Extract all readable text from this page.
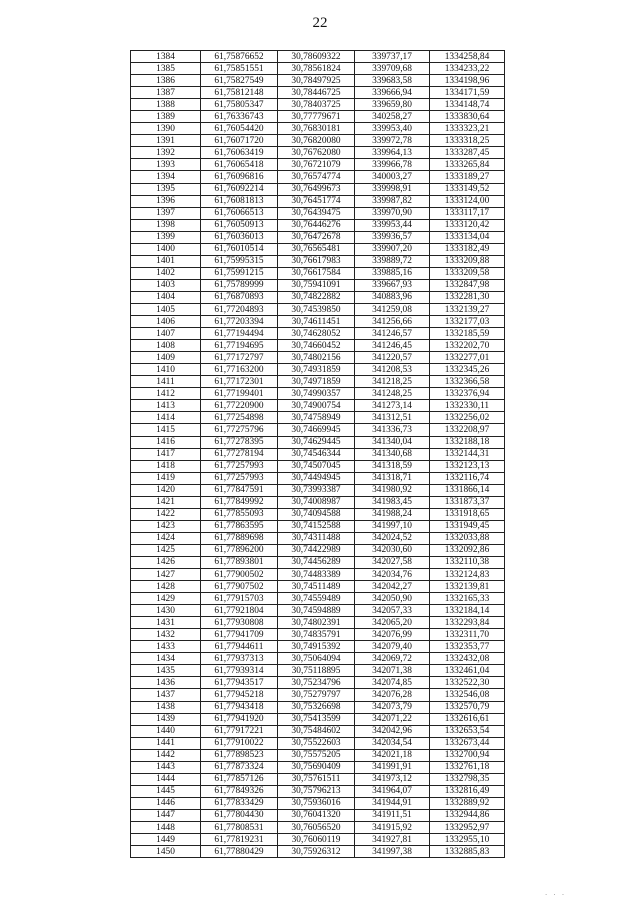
22
1384	61,75876652	30,78609322	339737,17	1334258,84
1385	61,75851551	30,78561824	339709,68	1334233,22
1386	61,75827549	30,78497925	339683,58	1334198,96
1387	61,75812148	30,78446725	339666,94	1334171,59
1388	61,75805347	30,78403725	339659,80	1334148,74
1389	61,76336743	30,77779671	340258,27	1333830,64
1390	61,76054420	30,76830181	339953,40	1333323,21
1391	61,76071720	30,76820080	339972,78	1333318,25
1392	61,76063419	30,76762080	339964,13	1333287,45
1393	61,76065418	30,76721079	339966,78	1333265,84
1394	61,76096816	30,76574774	340003,27	1333189,27
1395	61,76092214	30,76499673	339998,91	1333149,52
1396	61,76081813	30,76451774	339987,82	1333124,00
1397	61,76066513	30,76439475	339970,90	1333117,17
1398	61,76050913	30,76446276	339953,44	1333120,42
1399	61,76036013	30,76472678	339936,57	1333134,04
1400	61,76010514	30,76565481	339907,20	1333182,49
1401	61,75995315	30,76617983	339889,72	1333209,88
1402	61,75991215	30,76617584	339885,16	1333209,58
1403	61,75789999	30,75941091	339667,93	1332847,98
1404	61,76870893	30,74822882	340883,96	1332281,30
1405	61,77204893	30,74539850	341259,08	1332139,27
1406	61,77203394	30,74611451	341256,66	1332177,03
1407	61,77194494	30,74628052	341246,57	1332185,59
1408	61,77194695	30,74660452	341246,45	1332202,70
1409	61,77172797	30,74802156	341220,57	1332277,01
1410	61,77163200	30,74931859	341208,53	1332345,26
1411	61,77172301	30,74971859	341218,25	1332366,58
1412	61,77199401	30,74990357	341248,25	1332376,94
1413	61,77220900	30,74900754	341273,14	1332330,11
1414	61,77254898	30,74758949	341312,51	1332256,02
1415	61,77275796	30,74669945	341336,73	1332208,97
1416	61,77278395	30,74629445	341340,04	1332188,18
1417	61,77278194	30,74546344	341340,68	1332144,31
1418	61,77257993	30,74507045	341318,59	1332123,13
1419	61,77257993	30,74494945	341318,71	1332116,74
1420	61,77847591	30,73993387	341980,92	1331866,14
1421	61,77849992	30,74008987	341983,45	1331873,37
1422	61,77855093	30,74094588	341988,24	1331918,65
1423	61,77863595	30,74152588	341997,10	1331949,45
1424	61,77889698	30,74311488	342024,52	1332033,88
1425	61,77896200	30,74422989	342030,60	1332092,86
1426	61,77893801	30,74456289	342027,58	1332110,38
1427	61,77900502	30,74483389	342034,76	1332124,83
1428	61,77907502	30,74511489	342042,27	1332139,81
1429	61,77915703	30,74559489	342050,90	1332165,33
1430	61,77921804	30,74594889	342057,33	1332184,14
1431	61,77930808	30,74802391	342065,20	1332293,84
1432	61,77941709	30,74835791	342076,99	1332311,70
1433	61,77944611	30,74915392	342079,40	1332353,77
1434	61,77937313	30,75064094	342069,72	1332432,08
1435	61,77939314	30,75118895	342071,38	1332461,04
1436	61,77943517	30,75234796	342074,85	1332522,30
1437	61,77945218	30,75279797	342076,28	1332546,08
1438	61,77943418	30,75326698	342073,79	1332570,79
1439	61,77941920	30,75413599	342071,22	1332616,61
1440	61,77917221	30,75484602	342042,96	1332653,54
1441	61,77910022	30,75522603	342034,54	1332673,44
1442	61,77898523	30,75575205	342021,18	1332700,94
1443	61,77873324	30,75690409	341991,91	1332761,18
1444	61,77857126	30,75761511	341973,12	1332798,35
1445	61,77849326	30,75796213	341964,07	1332816,49
1446	61,77833429	30,75936016	341944,91	1332889,92
1447	61,77804430	30,76041320	341911,51	1332944,86
1448	61,77808531	30,76056520	341915,92	1332952,97
1449	61,77819231	30,76060119	341927,81	1332955,10
1450	61,77880429	30,75926312	341997,38	1332885,83
· · ·
